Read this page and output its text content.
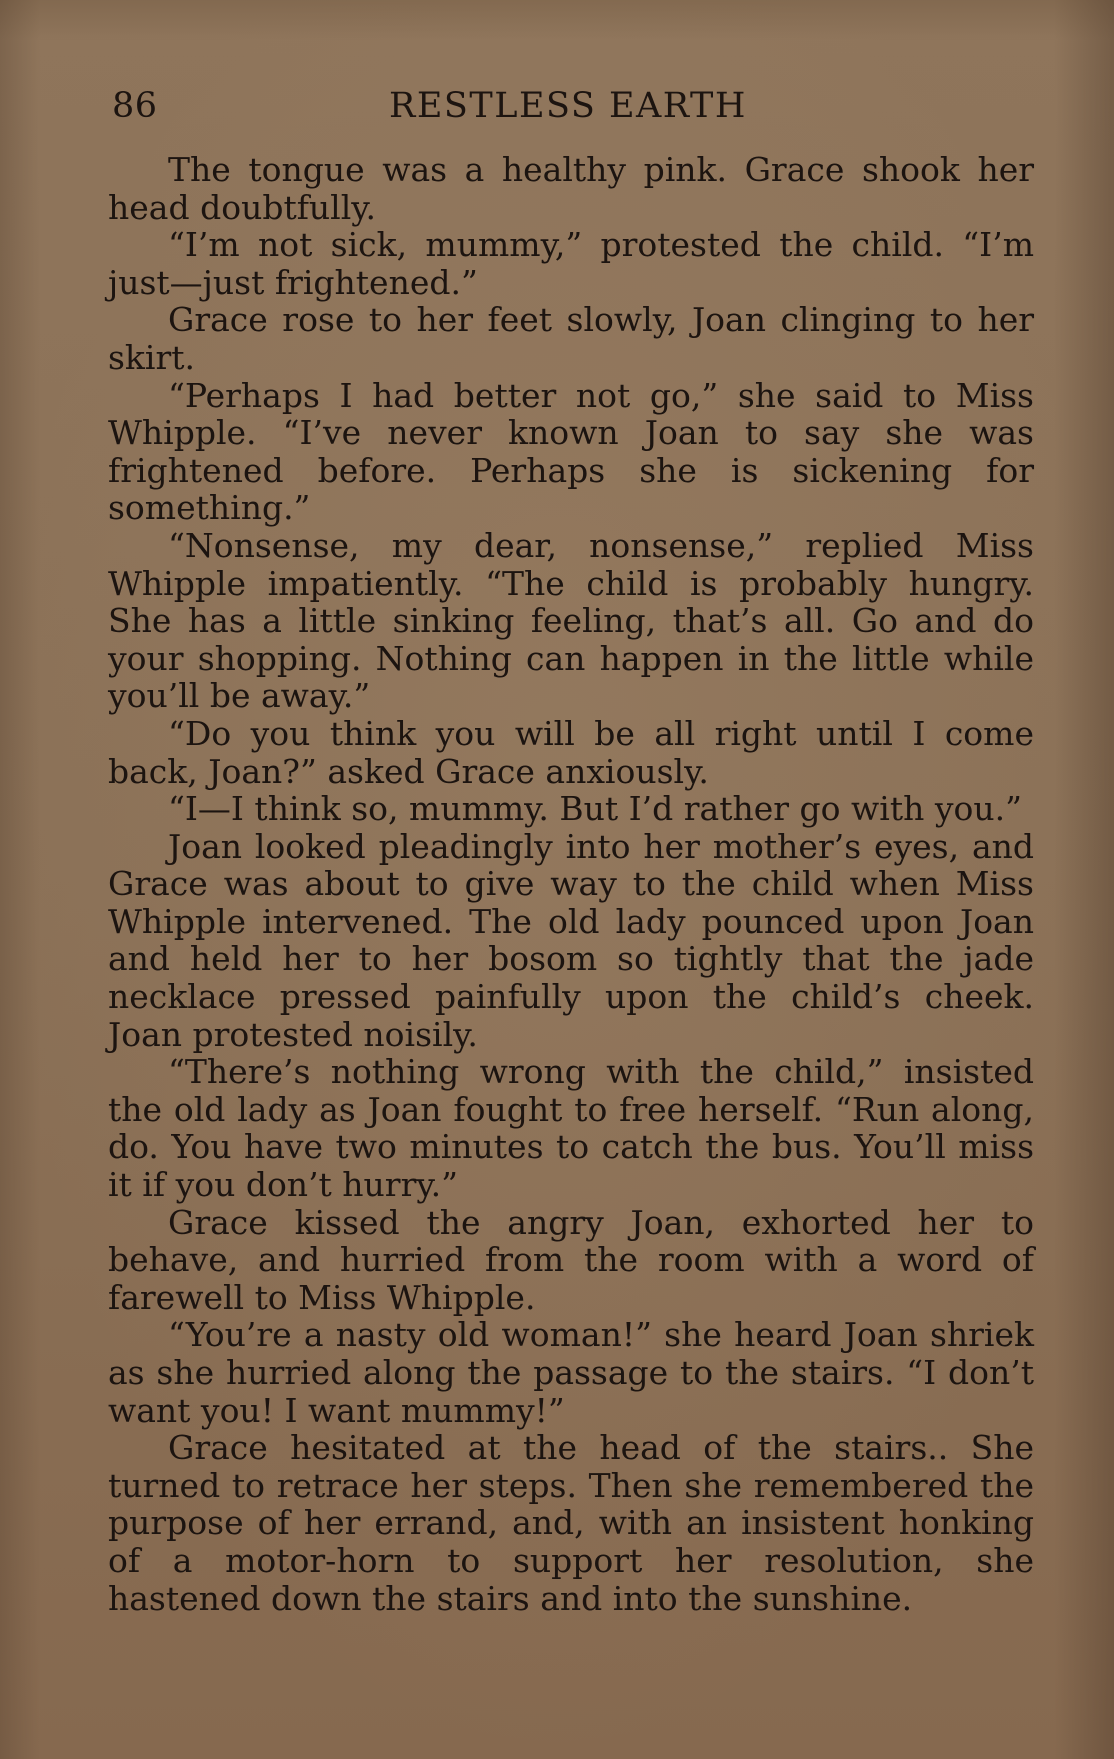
86	RESTLESS EARTH

The tongue was a healthy pink. Grace shook her head doubtfully.

“I’m not sick, mummy,” protested the child. “I’m just—just frightened.”

Grace rose to her feet slowly, Joan clinging to her skirt.

“Perhaps I had better not go,” she said to Miss Whipple. “I’ve never known Joan to say she was frightened before. Perhaps she is sickening for something.”

“Nonsense, my dear, nonsense,” replied Miss Whipple impatiently. “The child is probably hungry. She has a little sinking feeling, that’s all. Go and do your shopping. Nothing can happen in the little while you’ll be away.”

“Do you think you will be all right until I come back, Joan?” asked Grace anxiously.

“I—I think so, mummy. But I’d rather go with you.”

Joan looked pleadingly into her mother’s eyes, and Grace was about to give way to the child when Miss Whipple intervened. The old lady pounced upon Joan and held her to her bosom so tightly that the jade necklace pressed painfully upon the child’s cheek. Joan protested noisily.

“There’s nothing wrong with the child,” insisted the old lady as Joan fought to free herself. “Run along, do. You have two minutes to catch the bus. You’ll miss it if you don’t hurry.”

Grace kissed the angry Joan, exhorted her to behave, and hurried from the room with a word of farewell to Miss Whipple.

“You’re a nasty old woman!” she heard Joan shriek as she hurried along the passage to the stairs. “I don’t want you! I want mummy!”

Grace hesitated at the head of the stairs.. She turned to retrace her steps. Then she remembered the purpose of her errand, and, with an insistent honking of a motor-horn to support her resolution, she hastened down the stairs and into the sunshine.
